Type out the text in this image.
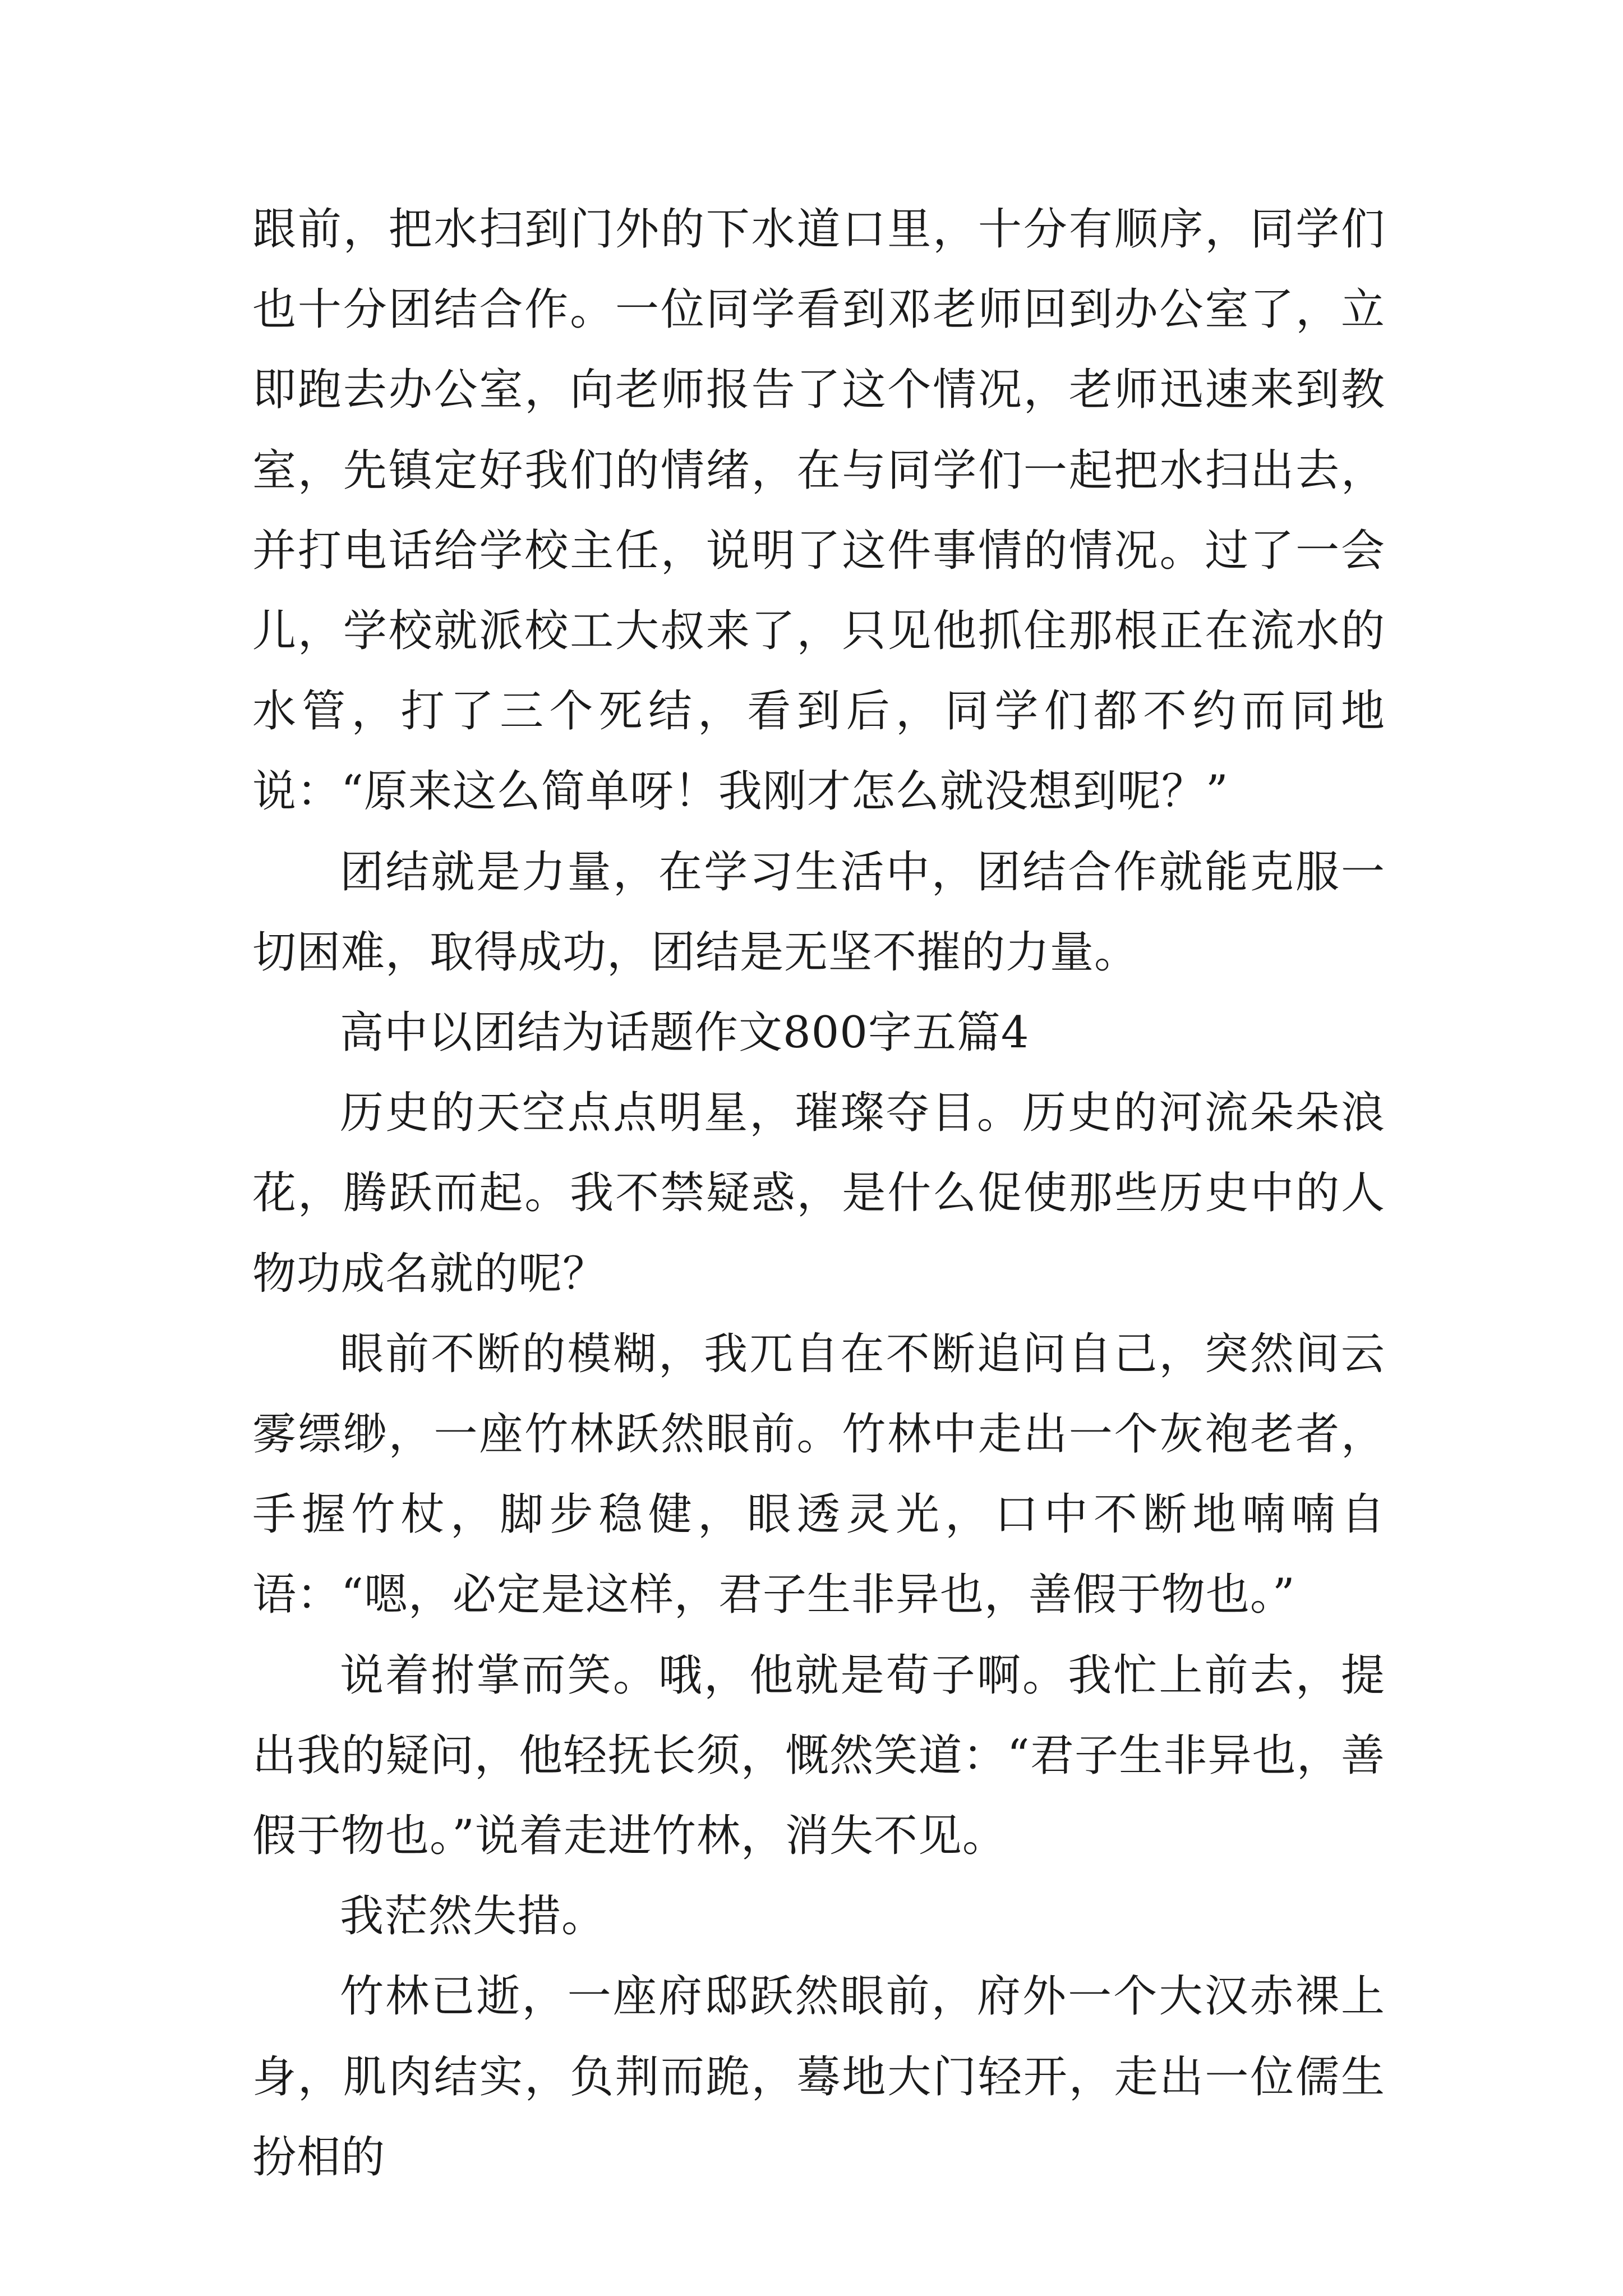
跟前，把水扫到门外的下水道口里，十分有顺序，同学们也十分团结合作。一位同学看到邓老师回到办公室了，立即跑去办公室，向老师报告了这个情况，老师迅速来到教室，先镇定好我们的情绪，在与同学们一起把水扫出去，并打电话给学校主任，说明了这件事情的情况。过了一会儿，学校就派校工大叔来了，只见他抓住那根正在流水的水管，打了三个死结，看到后，同学们都不约而同地说：“原来这么简单呀！我刚才怎么就没想到呢？”

团结就是力量，在学习生活中，团结合作就能克服一切困难，取得成功，团结是无坚不摧的力量。

高中以团结为话题作文800字五篇4

历史的天空点点明星，璀璨夺目。历史的河流朵朵浪花，腾跃而起。我不禁疑惑，是什么促使那些历史中的人物功成名就的呢？

眼前不断的模糊，我兀自在不断追问自己，突然间云雾缥缈，一座竹林跃然眼前。竹林中走出一个灰袍老者，手握竹杖，脚步稳健，眼透灵光，口中不断地喃喃自语：“嗯，必定是这样，君子生非异也，善假于物也。”

说着拊掌而笑。哦，他就是荀子啊。我忙上前去，提出我的疑问，他轻抚长须，慨然笑道：“君子生非异也，善假于物也。”说着走进竹林，消失不见。

我茫然失措。

竹林已逝，一座府邸跃然眼前，府外一个大汉赤裸上身，肌肉结实，负荆而跪，蓦地大门轻开，走出一位儒生扮相的
